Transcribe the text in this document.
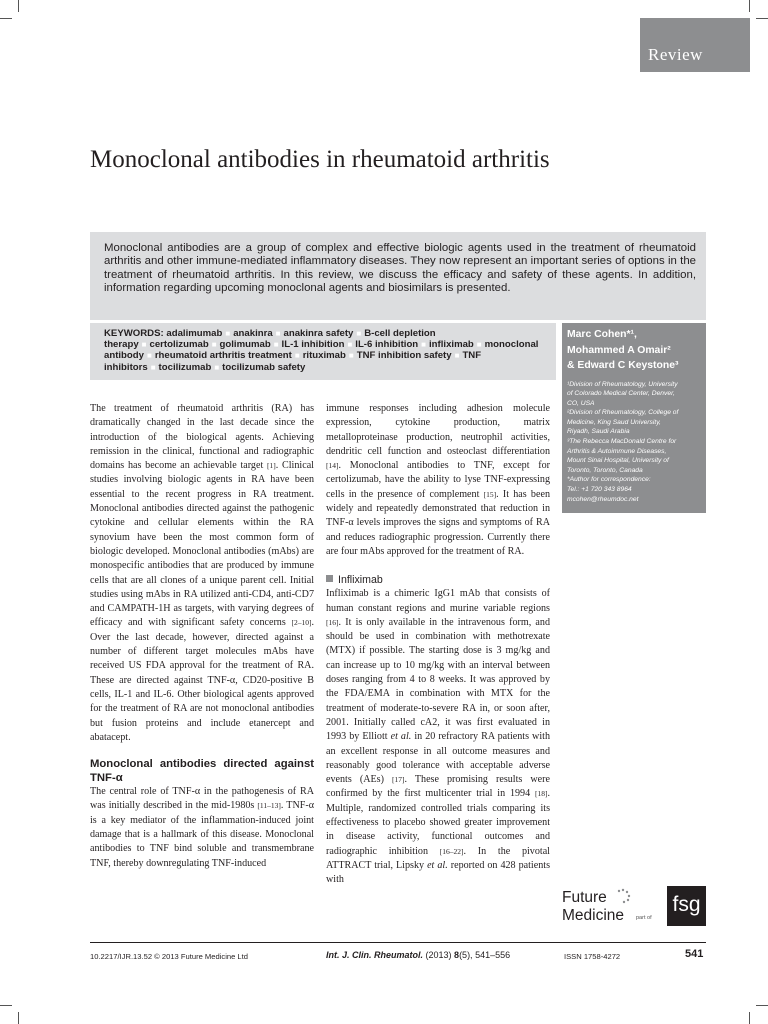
Review
Monoclonal antibodies in rheumatoid arthritis
Monoclonal antibodies are a group of complex and effective biologic agents used in the treatment of rheumatoid arthritis and other immune-mediated inflammatory diseases. They now represent an important series of options in the treatment of rheumatoid arthritis. In this review, we discuss the efficacy and safety of these agents. In addition, information regarding upcoming monoclonal agents and biosimilars is presented.
KEYWORDS: adalimumab ■ anakinra ■ anakinra safety ■ B-cell depletion therapy ■ certolizumab ■ golimumab ■ IL-1 inhibition ■ IL-6 inhibition ■ infliximab ■ monoclonal antibody ■ rheumatoid arthritis treatment ■ rituximab ■ TNF inhibition safety ■ TNF inhibitors ■ tocilizumab ■ tocilizumab safety
Marc Cohen*¹,
Mohammed A Omair²
& Edward C Keystone³
¹Division of Rheumatology, University
of Colorado Medical Center, Denver,
CO, USA
²Division of Rheumatology, College of
Medicine, King Saud University,
Riyadh, Saudi Arabia
³The Rebecca MacDonald Centre for
Arthritis & Autoimmune Diseases,
Mount Sinai Hospital, University of
Toronto, Toronto, Canada
*Author for correspondence:
Tel.: +1 720 343 8964
mcohen@rheumdoc.net

The treatment of rheumatoid arthritis (RA) has dramatically changed in the last decade since the introduction of the biological agents. Achieving remission in the clinical, functional and radiographic domains has become an achievable target [1]. Clinical studies involving biologic agents in RA have been essential to the recent progress in RA treatment. Monoclonal antibodies directed against the pathogenic cytokine and cellular elements within the RA synovium have been the most common form of biologic developed. Monoclonal antibodies (mAbs) are monospecific antibodies that are produced by immune cells that are all clones of a unique parent cell. Initial studies using mAbs in RA utilized anti-CD4, anti-CD7 and CAMPATH-1H as targets, with varying degrees of efficacy and with significant safety concerns [2–10]. Over the last decade, however, directed against a number of different target molecules mAbs have received US FDA approval for the treatment of RA. These are directed against TNF-α, CD20-positive B cells, IL-1 and IL-6. Other biological agents approved for the treatment of RA are not monoclonal antibodies but fusion proteins and include etanercept and abatacept.

Monoclonal antibodies directed against TNF-α

The central role of TNF-α in the pathogenesis of RA was initially described in the mid-1980s [11–13]. TNF-α is a key mediator of the inflammation-induced joint damage that is a hallmark of this disease. Monoclonal antibodies to TNF bind soluble and transmembrane TNF, thereby downregulating TNF-induced

immune responses including adhesion molecule expression, cytokine production, matrix metalloproteinase production, neutrophil activities, dendritic cell function and osteoclast differentiation [14]. Monoclonal antibodies to TNF, except for certolizumab, have the ability to lyse TNF-expressing cells in the presence of complement [15]. It has been widely and repeatedly demonstrated that reduction in TNF-α levels improves the signs and symptoms of RA and reduces radiographic progression. Currently there are four mAbs approved for the treatment of RA.

Infliximab

Infliximab is a chimeric IgG1 mAb that consists of human constant regions and murine variable regions [16]. It is only available in the intravenous form, and should be used in combination with methotrexate (MTX) if possible. The starting dose is 3 mg/kg and can increase up to 10 mg/kg with an interval between doses ranging from 4 to 8 weeks. It was approved by the FDA/EMA in combination with MTX for the treatment of moderate-to-severe RA in, or soon after, 2001. Initially called cA2, it was first evaluated in 1993 by Elliott et al. in 20 refractory RA patients with an excellent response in all outcome measures and reasonably good tolerance with acceptable adverse events (AEs) [17]. These promising results were confirmed by the first multicenter trial in 1994 [18]. Multiple, randomized controlled trials comparing its effectiveness to placebo showed greater improvement in disease activity, functional outcomes and radiographic inhibition [16–22]. In the pivotal ATTRACT trial, Lipsky et al. reported on 428 patients with

Future
Medicine part of
fsg
10.2217/IJR.13.52 © 2013 Future Medicine Ltd	Int. J. Clin. Rheumatol. (2013) 8(5), 541–556	ISSN 1758-4272	541
